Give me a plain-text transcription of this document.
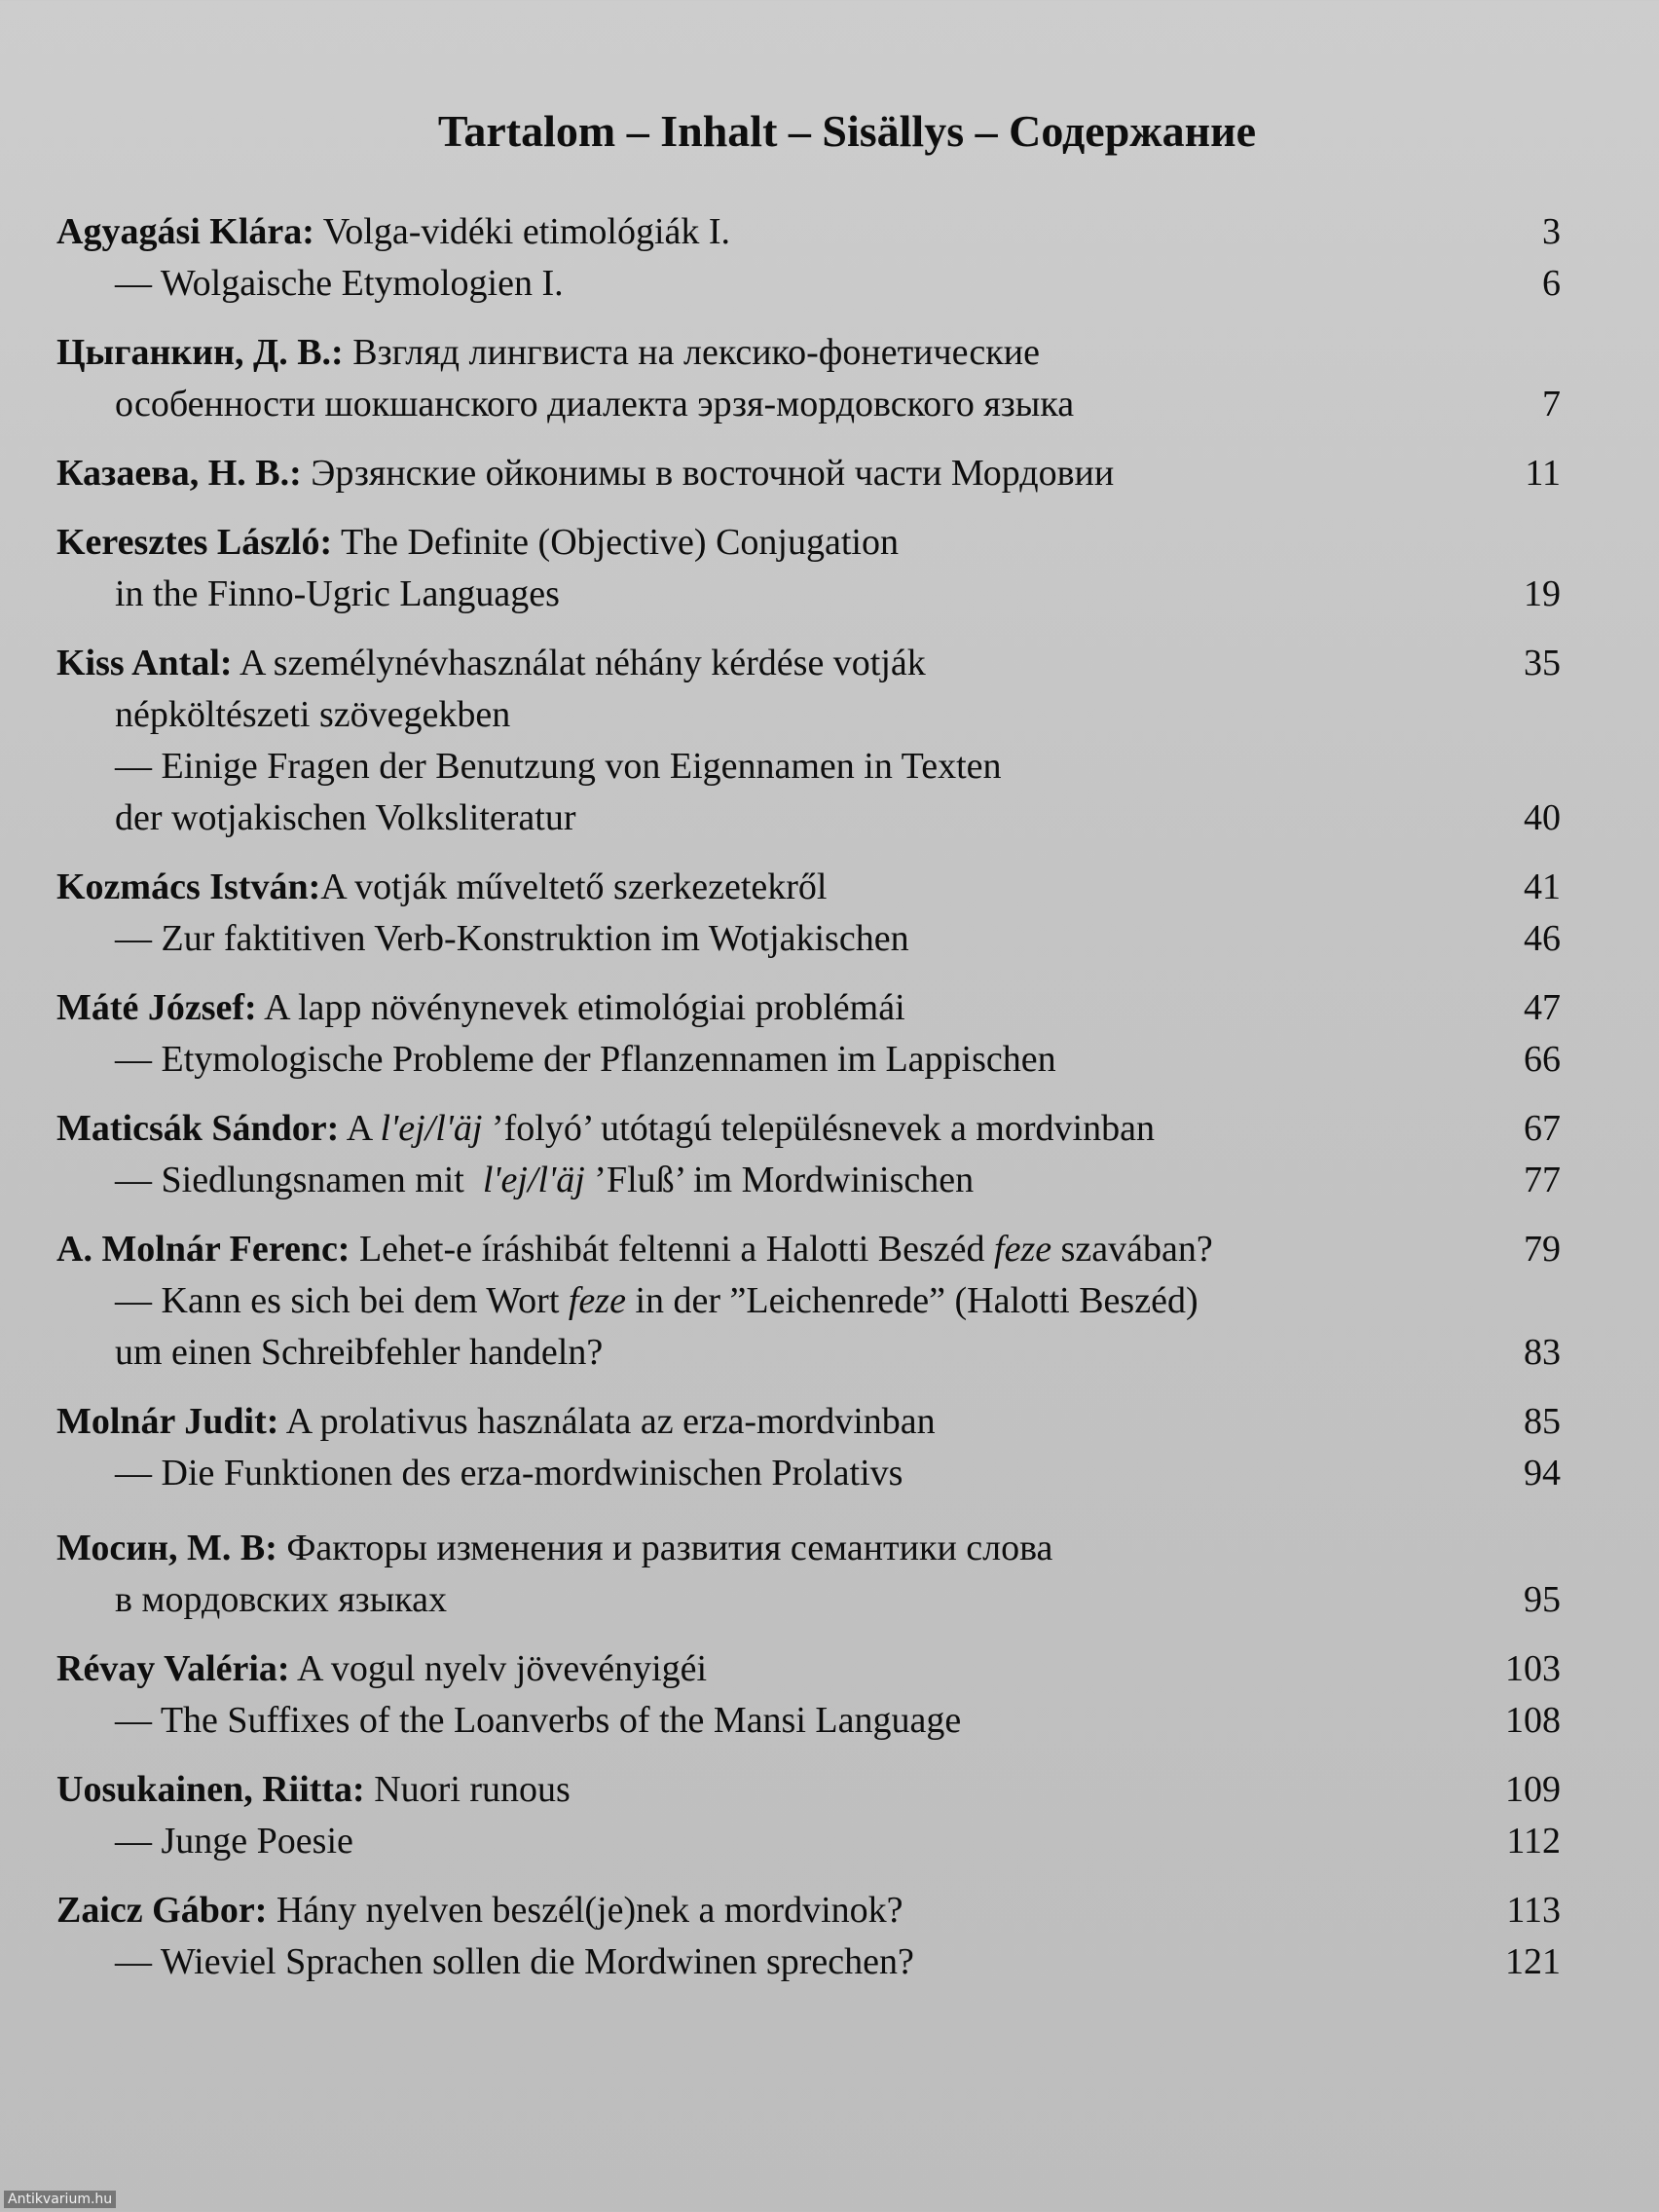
Tartalom – Inhalt – Sisällys – Содержание
Agyagási Klára: Volga-vidéki etimológiák I.	3
— Wolgaische Etymologien I.	6
Цыганкин, Д. В.: Взгляд лингвиста на лексико-фонетические
особенности шокшанского диалекта эрзя-мордовского языка	7
Казаева, Н. В.: Эрзянские ойконимы в восточной части Мордовии	11
Keresztes László: The Definite (Objective) Conjugation
in the Finno-Ugric Languages	19
Kiss Antal: A személynévhasználat néhány kérdése votják	35
népköltészeti szövegekben
— Einige Fragen der Benutzung von Eigennamen in Texten
der wotjakischen Volksliteratur	40
Kozmács István:A votják műveltető szerkezetekről	41
— Zur faktitiven Verb-Konstruktion im Wotjakischen	46
Máté József: A lapp növénynevek etimológiai problémái	47
— Etymologische Probleme der Pflanzennamen im Lappischen	66
Maticsák Sándor: A l'ej/l'äj ’folyó’ utótagú településnevek a mordvinban	67
— Siedlungsnamen mit  l'ej/l'äj ’Fluß’ im Mordwinischen	77
A. Molnár Ferenc: Lehet-e íráshibát feltenni a Halotti Beszéd feze szavában?	79
— Kann es sich bei dem Wort feze in der ”Leichenrede” (Halotti Beszéd)
um einen Schreibfehler handeln?	83
Molnár Judit: A prolativus használata az erza-mordvinban	85
— Die Funktionen des erza-mordwinischen Prolativs	94
Мосин, М. В: Факторы изменения и развития семантики слова
в мордовских языках	95
Révay Valéria: A vogul nyelv jövevényigéi	103
— The Suffixes of the Loanverbs of the Mansi Language	108
Uosukainen, Riitta: Nuori runous	109
— Junge Poesie	112
Zaicz Gábor: Hány nyelven beszél(je)nek a mordvinok?	113
— Wieviel Sprachen sollen die Mordwinen sprechen?	121
Antikvarium.hu
